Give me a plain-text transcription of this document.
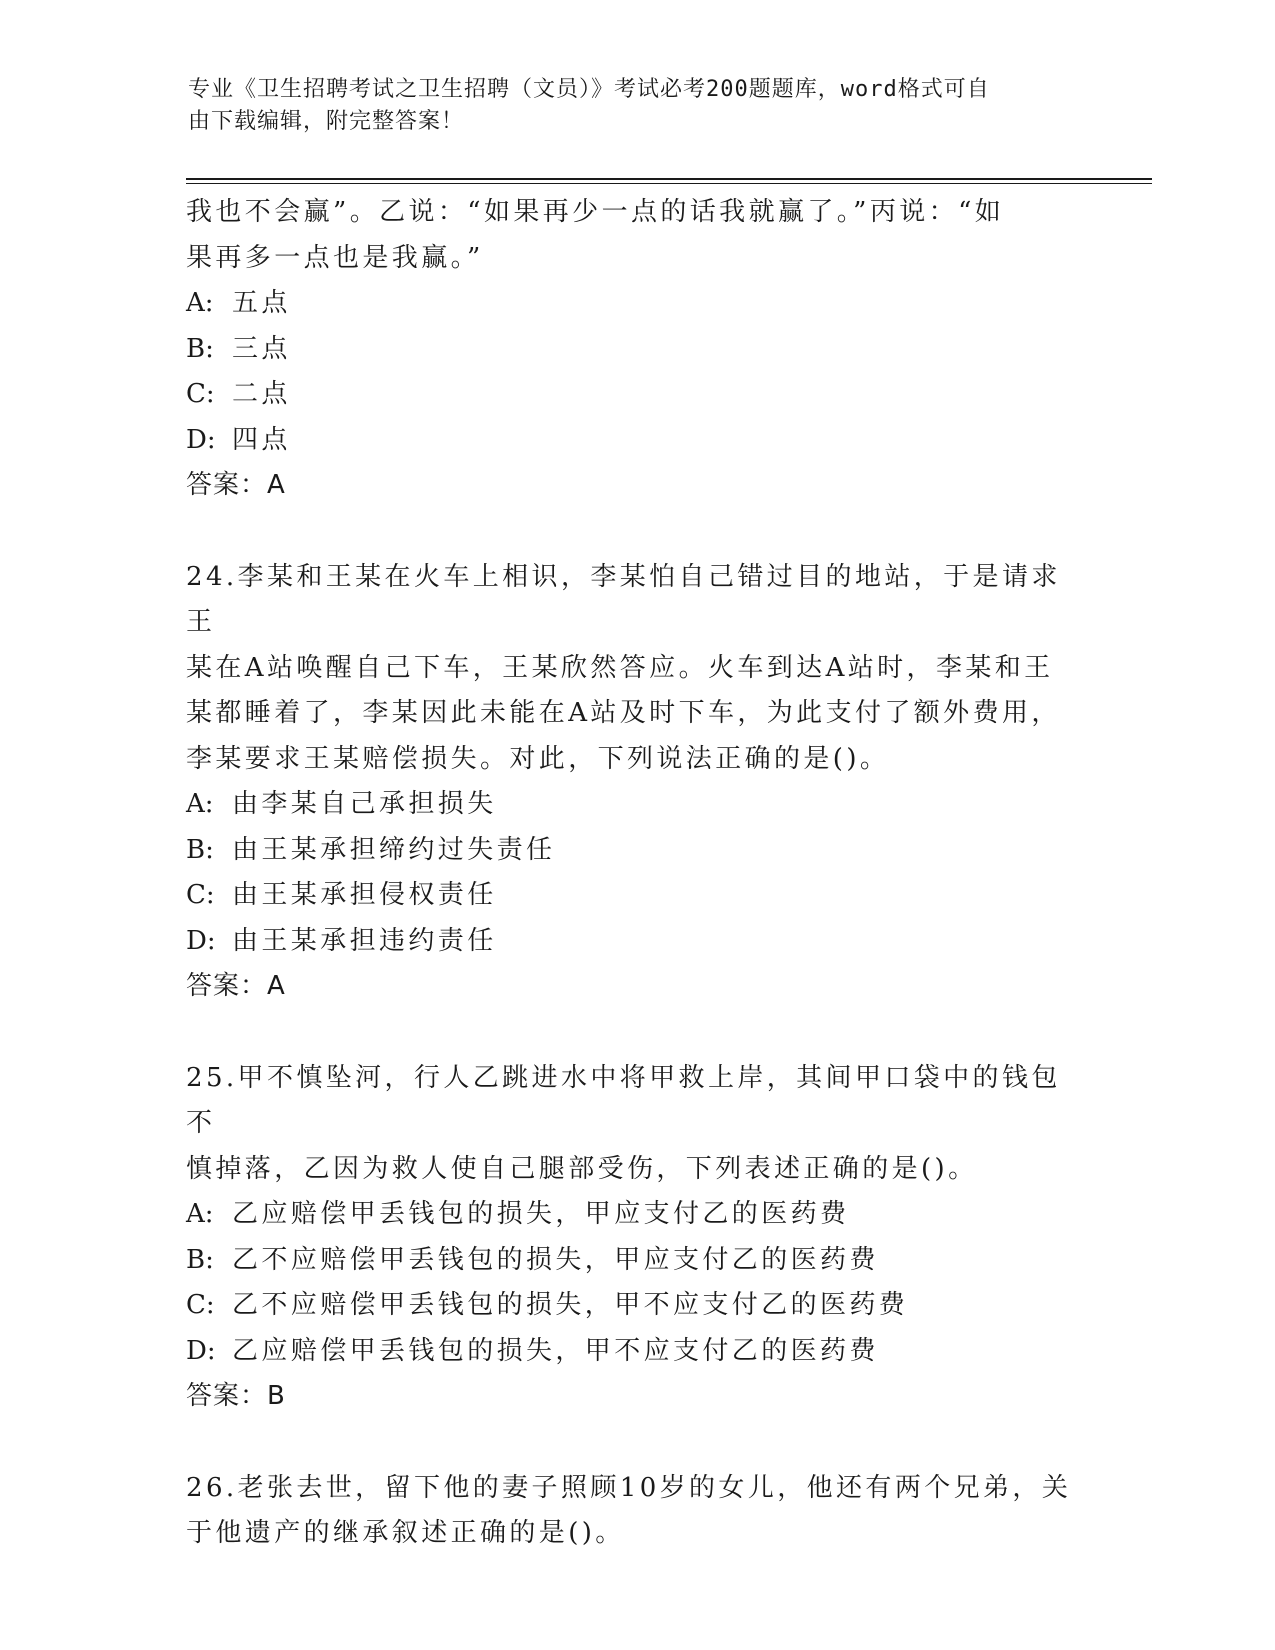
专业《卫生招聘考试之卫生招聘（文员）》考试必考200题题库，word格式可自
由下载编辑，附完整答案！

我也不会赢”。乙说：“如果再少一点的话我就赢了。”丙说：“如

果再多一点也是我赢。”

A: 五点

B: 三点

C: 二点

D: 四点

答案：A

24.李某和王某在火车上相识，李某怕自己错过目的地站，于是请求王

某在A站唤醒自己下车，王某欣然答应。火车到达A站时，李某和王

某都睡着了，李某因此未能在A站及时下车，为此支付了额外费用，

李某要求王某赔偿损失。对此，下列说法正确的是()。

A: 由李某自己承担损失

B: 由王某承担缔约过失责任

C: 由王某承担侵权责任

D: 由王某承担违约责任

答案：A

25.甲不慎坠河，行人乙跳进水中将甲救上岸，其间甲口袋中的钱包不

慎掉落，乙因为救人使自己腿部受伤，下列表述正确的是()。

A: 乙应赔偿甲丢钱包的损失，甲应支付乙的医药费

B: 乙不应赔偿甲丢钱包的损失，甲应支付乙的医药费

C: 乙不应赔偿甲丢钱包的损失，甲不应支付乙的医药费

D: 乙应赔偿甲丢钱包的损失，甲不应支付乙的医药费

答案：B

26.老张去世，留下他的妻子照顾10岁的女儿，他还有两个兄弟，关

于他遗产的继承叙述正确的是()。
